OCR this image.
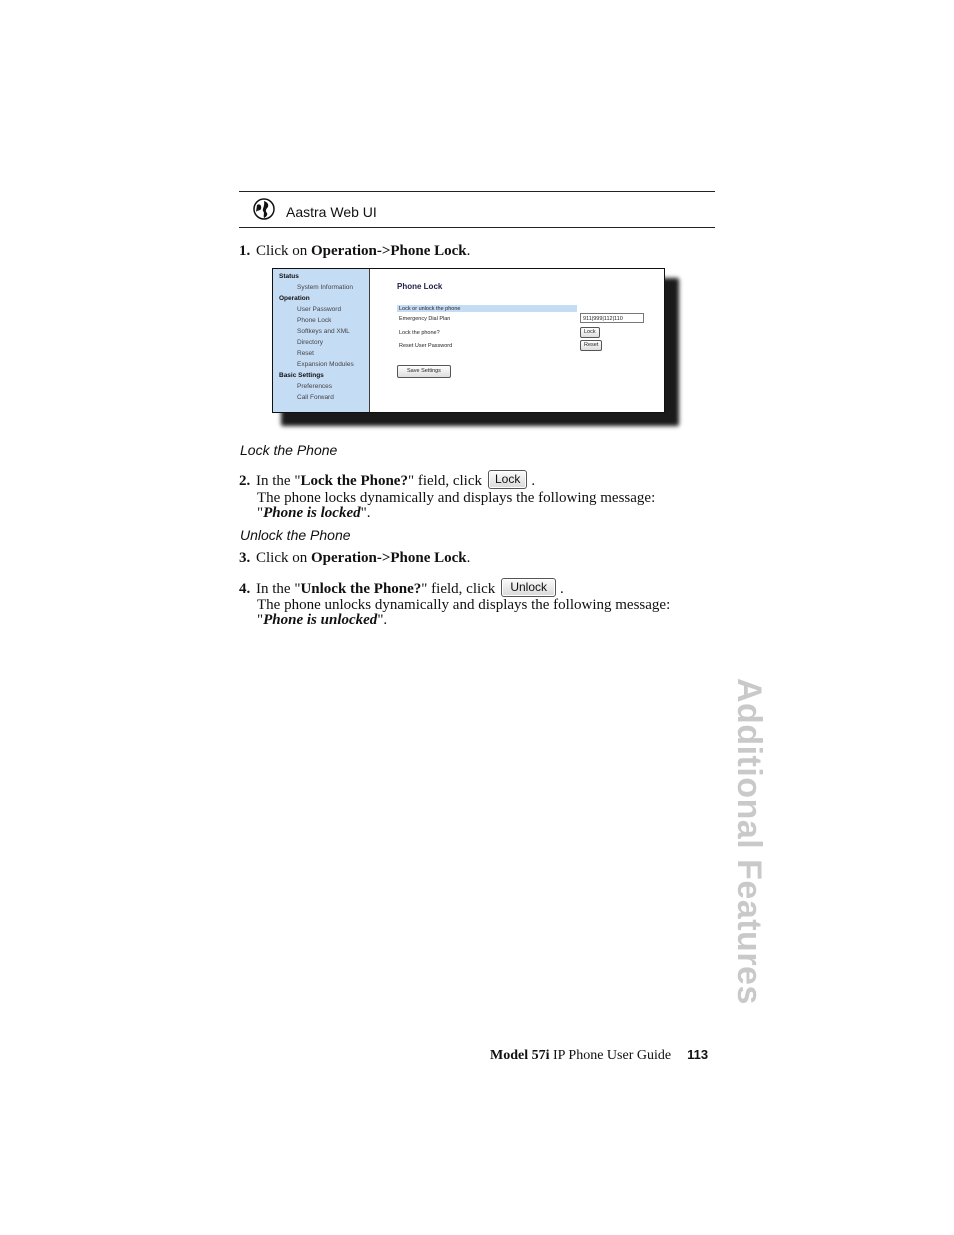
Aastra Web UI
1. Click on Operation->Phone Lock.
Status
System Information
Operation
User Password
Phone Lock
Softkeys and XML
Directory
Reset
Expansion Modules
Basic Settings
Preferences
Call Forward
Phone Lock
Lock or unlock the phone
Emergency Dial Plan	911|999|112|110
Lock the phone?	Lock
Reset User Password	Reset
Save Settings
Lock the Phone
2. In the "Lock the Phone?" field, click Lock .
The phone locks dynamically and displays the following message:
"Phone is locked".
Unlock the Phone
3. Click on Operation->Phone Lock.
4. In the "Unlock the Phone?" field, click Unlock .
The phone unlocks dynamically and displays the following message:
"Phone is unlocked".
Additional Features
Model 57i IP Phone User Guide 113
